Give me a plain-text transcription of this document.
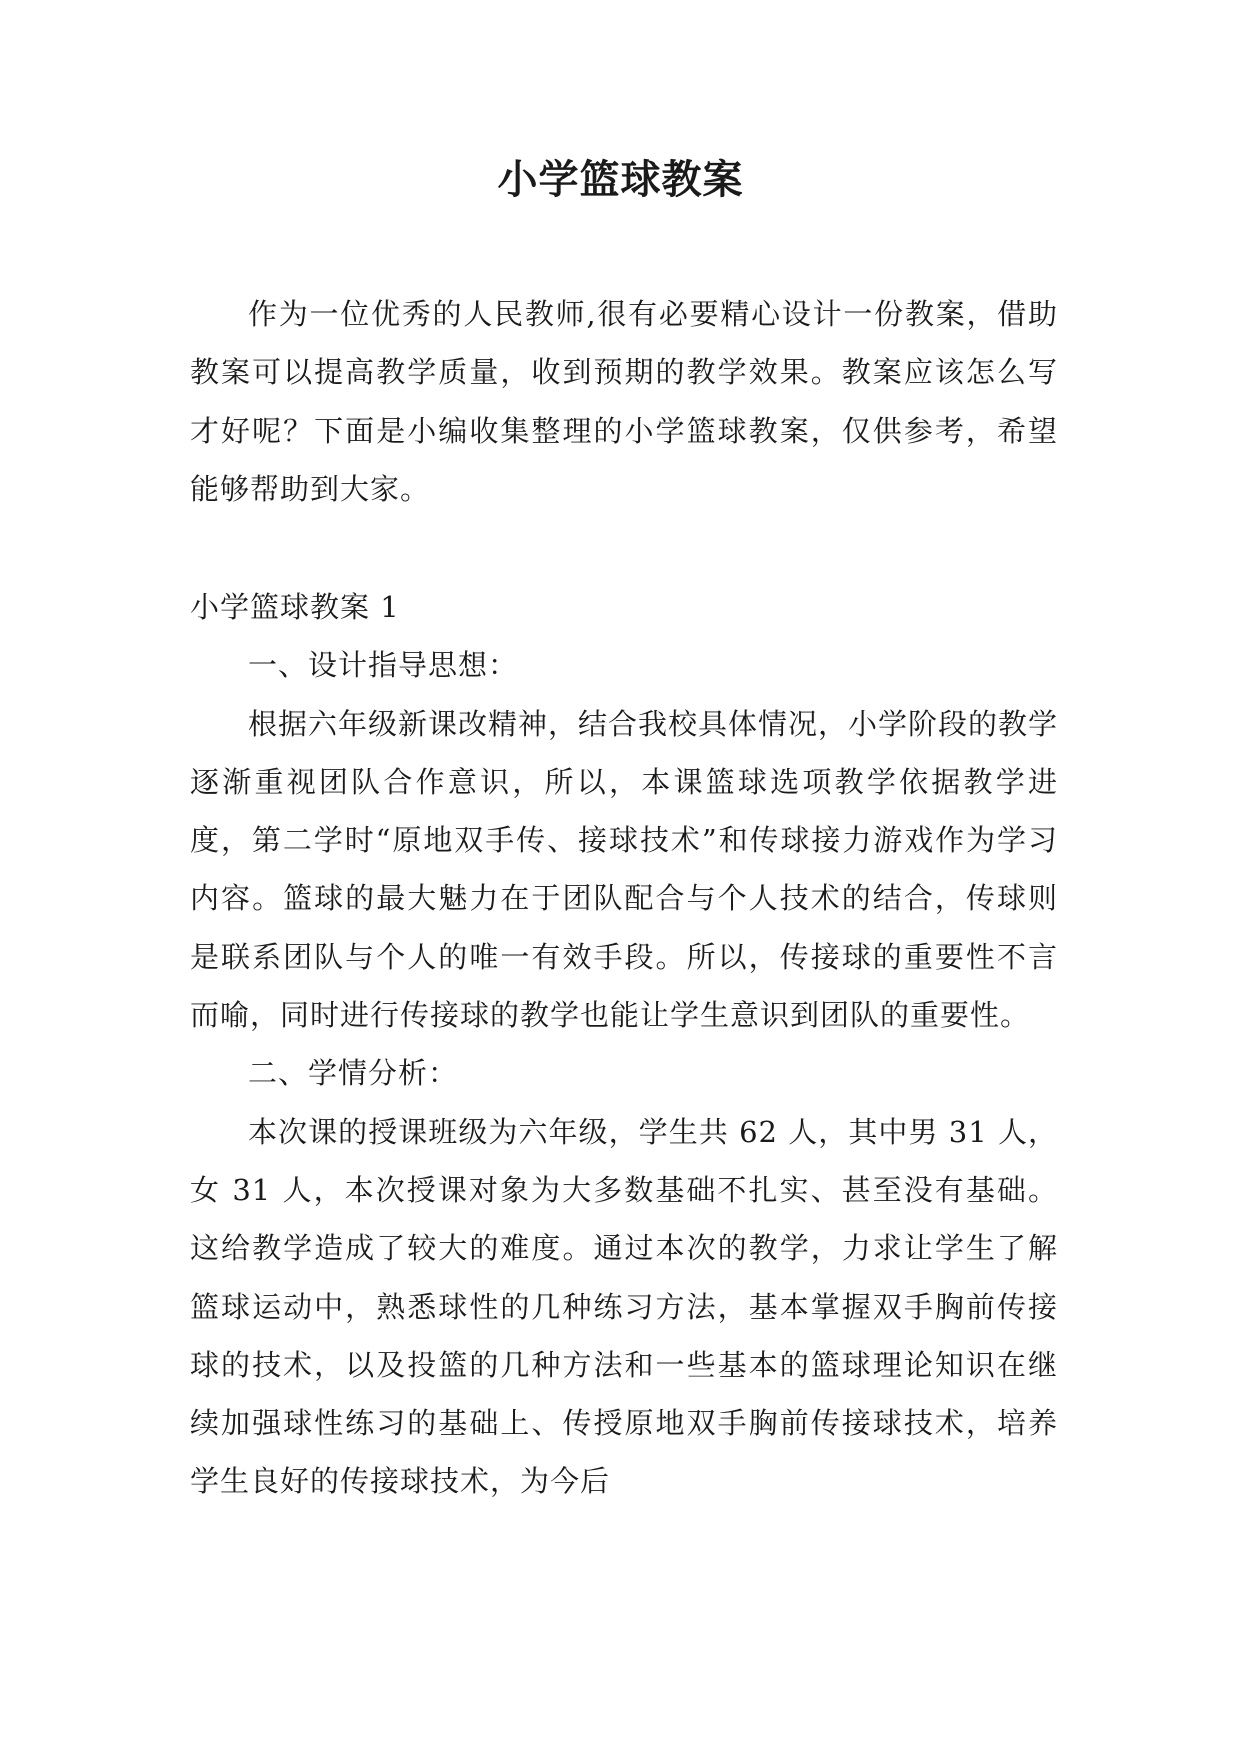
小学篮球教案

作为一位优秀的人民教师,很有必要精心设计一份教案，借助教案可以提高教学质量，收到预期的教学效果。教案应该怎么写才好呢？下面是小编收集整理的小学篮球教案，仅供参考，希望能够帮助到大家。

小学篮球教案 1

一、设计指导思想：

根据六年级新课改精神，结合我校具体情况，小学阶段的教学逐渐重视团队合作意识，所以，本课篮球选项教学依据教学进度，第二学时“原地双手传、接球技术”和传球接力游戏作为学习内容。篮球的最大魅力在于团队配合与个人技术的结合，传球则是联系团队与个人的唯一有效手段。所以，传接球的重要性不言而喻，同时进行传接球的教学也能让学生意识到团队的重要性。

二、学情分析：

本次课的授课班级为六年级，学生共 62 人，其中男 31 人，女 31 人，本次授课对象为大多数基础不扎实、甚至没有基础。这给教学造成了较大的难度。通过本次的教学，力求让学生了解篮球运动中，熟悉球性的几种练习方法，基本掌握双手胸前传接球的技术，以及投篮的几种方法和一些基本的篮球理论知识在继续加强球性练习的基础上、传授原地双手胸前传接球技术，培养学生良好的传接球技术，为今后
